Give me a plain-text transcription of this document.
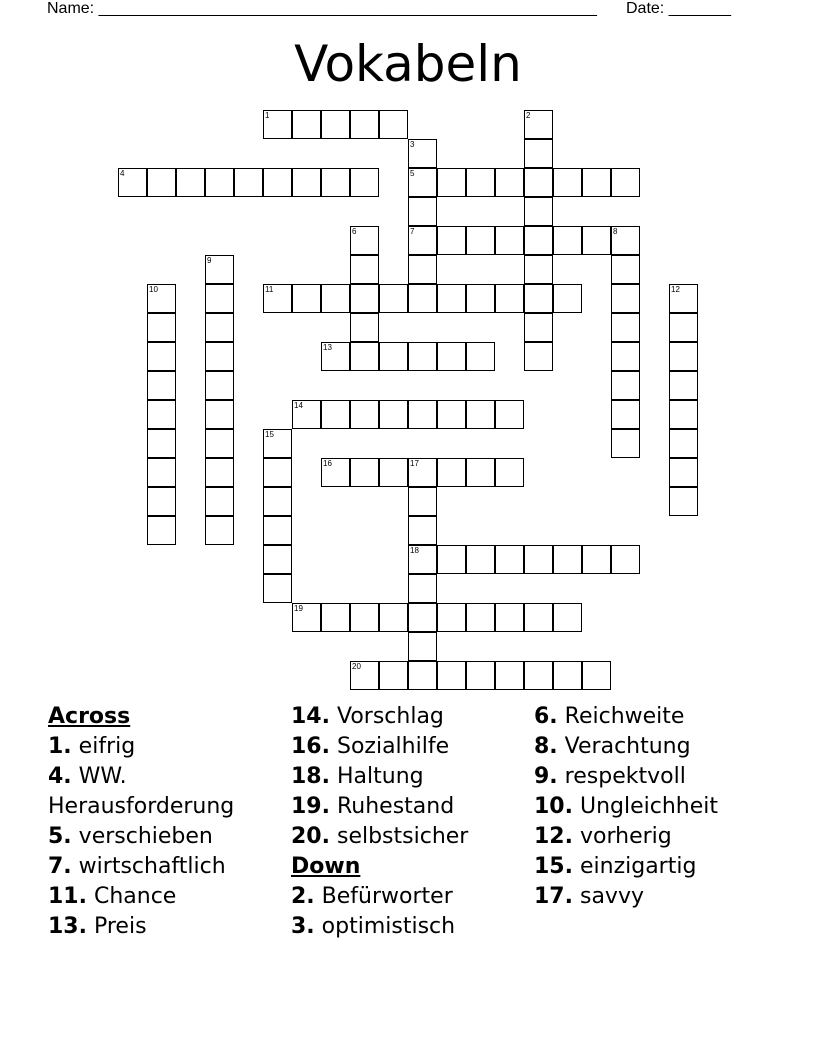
Name: ________________________________________________________ Date: _______
Vokabeln
1	2
3
5
7
4
6	8
9
10	11	12
13
14
15
16	17
18
19
20
Across
1. eifrig
4. WW.
Herausforderung
5. verschieben
7. wirtschaftlich
11. Chance
13. Preis
14. Vorschlag
16. Sozialhilfe
18. Haltung
19. Ruhestand
20. selbstsicher
Down
2. Befürworter
3. optimistisch
6. Reichweite
8. Verachtung
9. respektvoll
10. Ungleichheit
12. vorherig
15. einzigartig
17. savvy
